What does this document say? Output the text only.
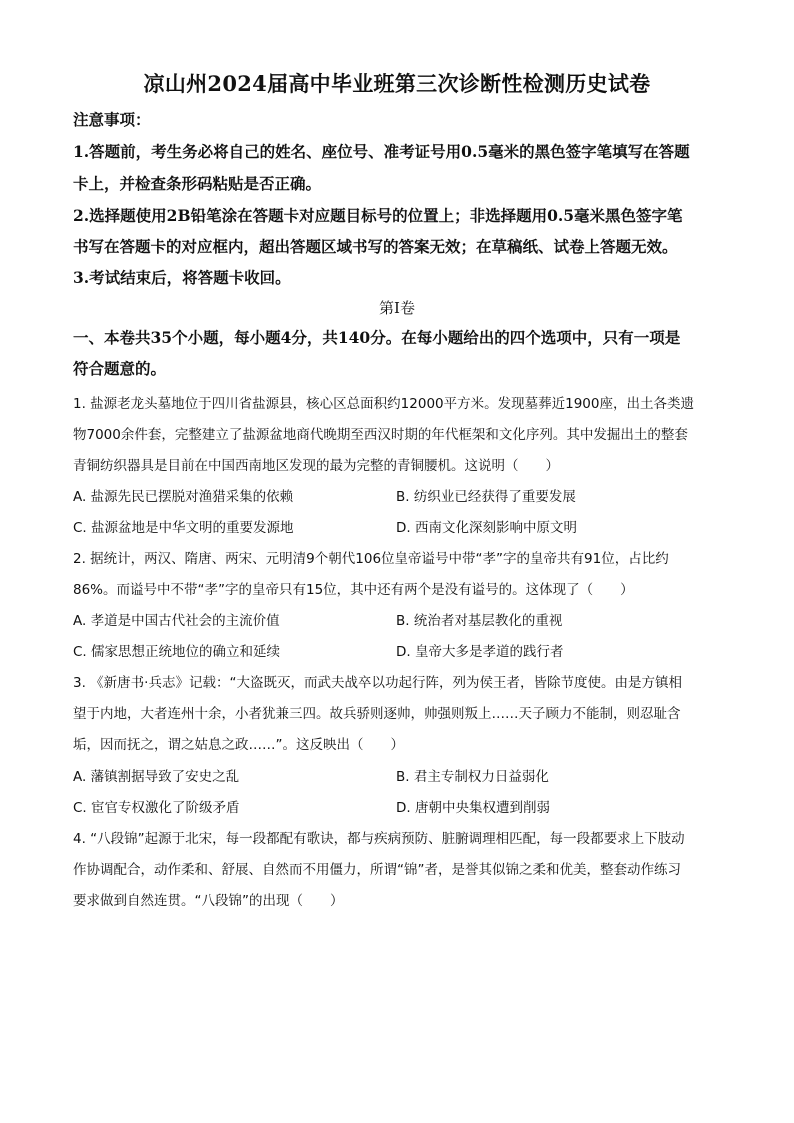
凉山州2024届高中毕业班第三次诊断性检测历史试卷
注意事项：
1.答题前，考生务必将自己的姓名、座位号、准考证号用0.5毫米的黑色签字笔填写在答题
卡上，并检查条形码粘贴是否正确。
2.选择题使用2B铅笔涂在答题卡对应题目标号的位置上；非选择题用0.5毫米黑色签字笔
书写在答题卡的对应框内，超出答题区域书写的答案无效；在草稿纸、试卷上答题无效。
3.考试结束后，将答题卡收回。
第Ⅰ卷
一、本卷共35个小题，每小题4分，共140分。在每小题给出的四个选项中，只有一项是
符合题意的。
1. 盐源老龙头墓地位于四川省盐源县，核心区总面积约12000平方米。发现墓葬近1900座，出土各类遗
物7000余件套，完整建立了盐源盆地商代晚期至西汉时期的年代框架和文化序列。其中发掘出土的整套
青铜纺织器具是目前在中国西南地区发现的最为完整的青铜腰机。这说明（　　）
A. 盐源先民已摆脱对渔猎采集的依赖	B. 纺织业已经获得了重要发展
C. 盐源盆地是中华文明的重要发源地	D. 西南文化深刻影响中原文明
2. 据统计，两汉、隋唐、两宋、元明清9个朝代106位皇帝谥号中带“孝”字的皇帝共有91位，占比约
86%。而谥号中不带“孝”字的皇帝只有15位，其中还有两个是没有谥号的。这体现了（　　）
A. 孝道是中国古代社会的主流价值	B. 统治者对基层教化的重视
C. 儒家思想正统地位的确立和延续	D. 皇帝大多是孝道的践行者
3. 《新唐书·兵志》记载：“大盗既灭，而武夫战卒以功起行阵，列为侯王者，皆除节度使。由是方镇相
望于内地，大者连州十余，小者犹兼三四。故兵骄则逐帅，帅强则叛上……天子顾力不能制，则忍耻含
垢，因而抚之，谓之姑息之政……”。这反映出（　　）
A. 藩镇割据导致了安史之乱	B. 君主专制权力日益弱化
C. 宦官专权激化了阶级矛盾	D. 唐朝中央集权遭到削弱
4. “八段锦”起源于北宋，每一段都配有歌诀，都与疾病预防、脏腑调理相匹配，每一段都要求上下肢动
作协调配合，动作柔和、舒展、自然而不用僵力，所谓“锦”者，是誉其似锦之柔和优美，整套动作练习
要求做到自然连贯。“八段锦”的出现（　　）
